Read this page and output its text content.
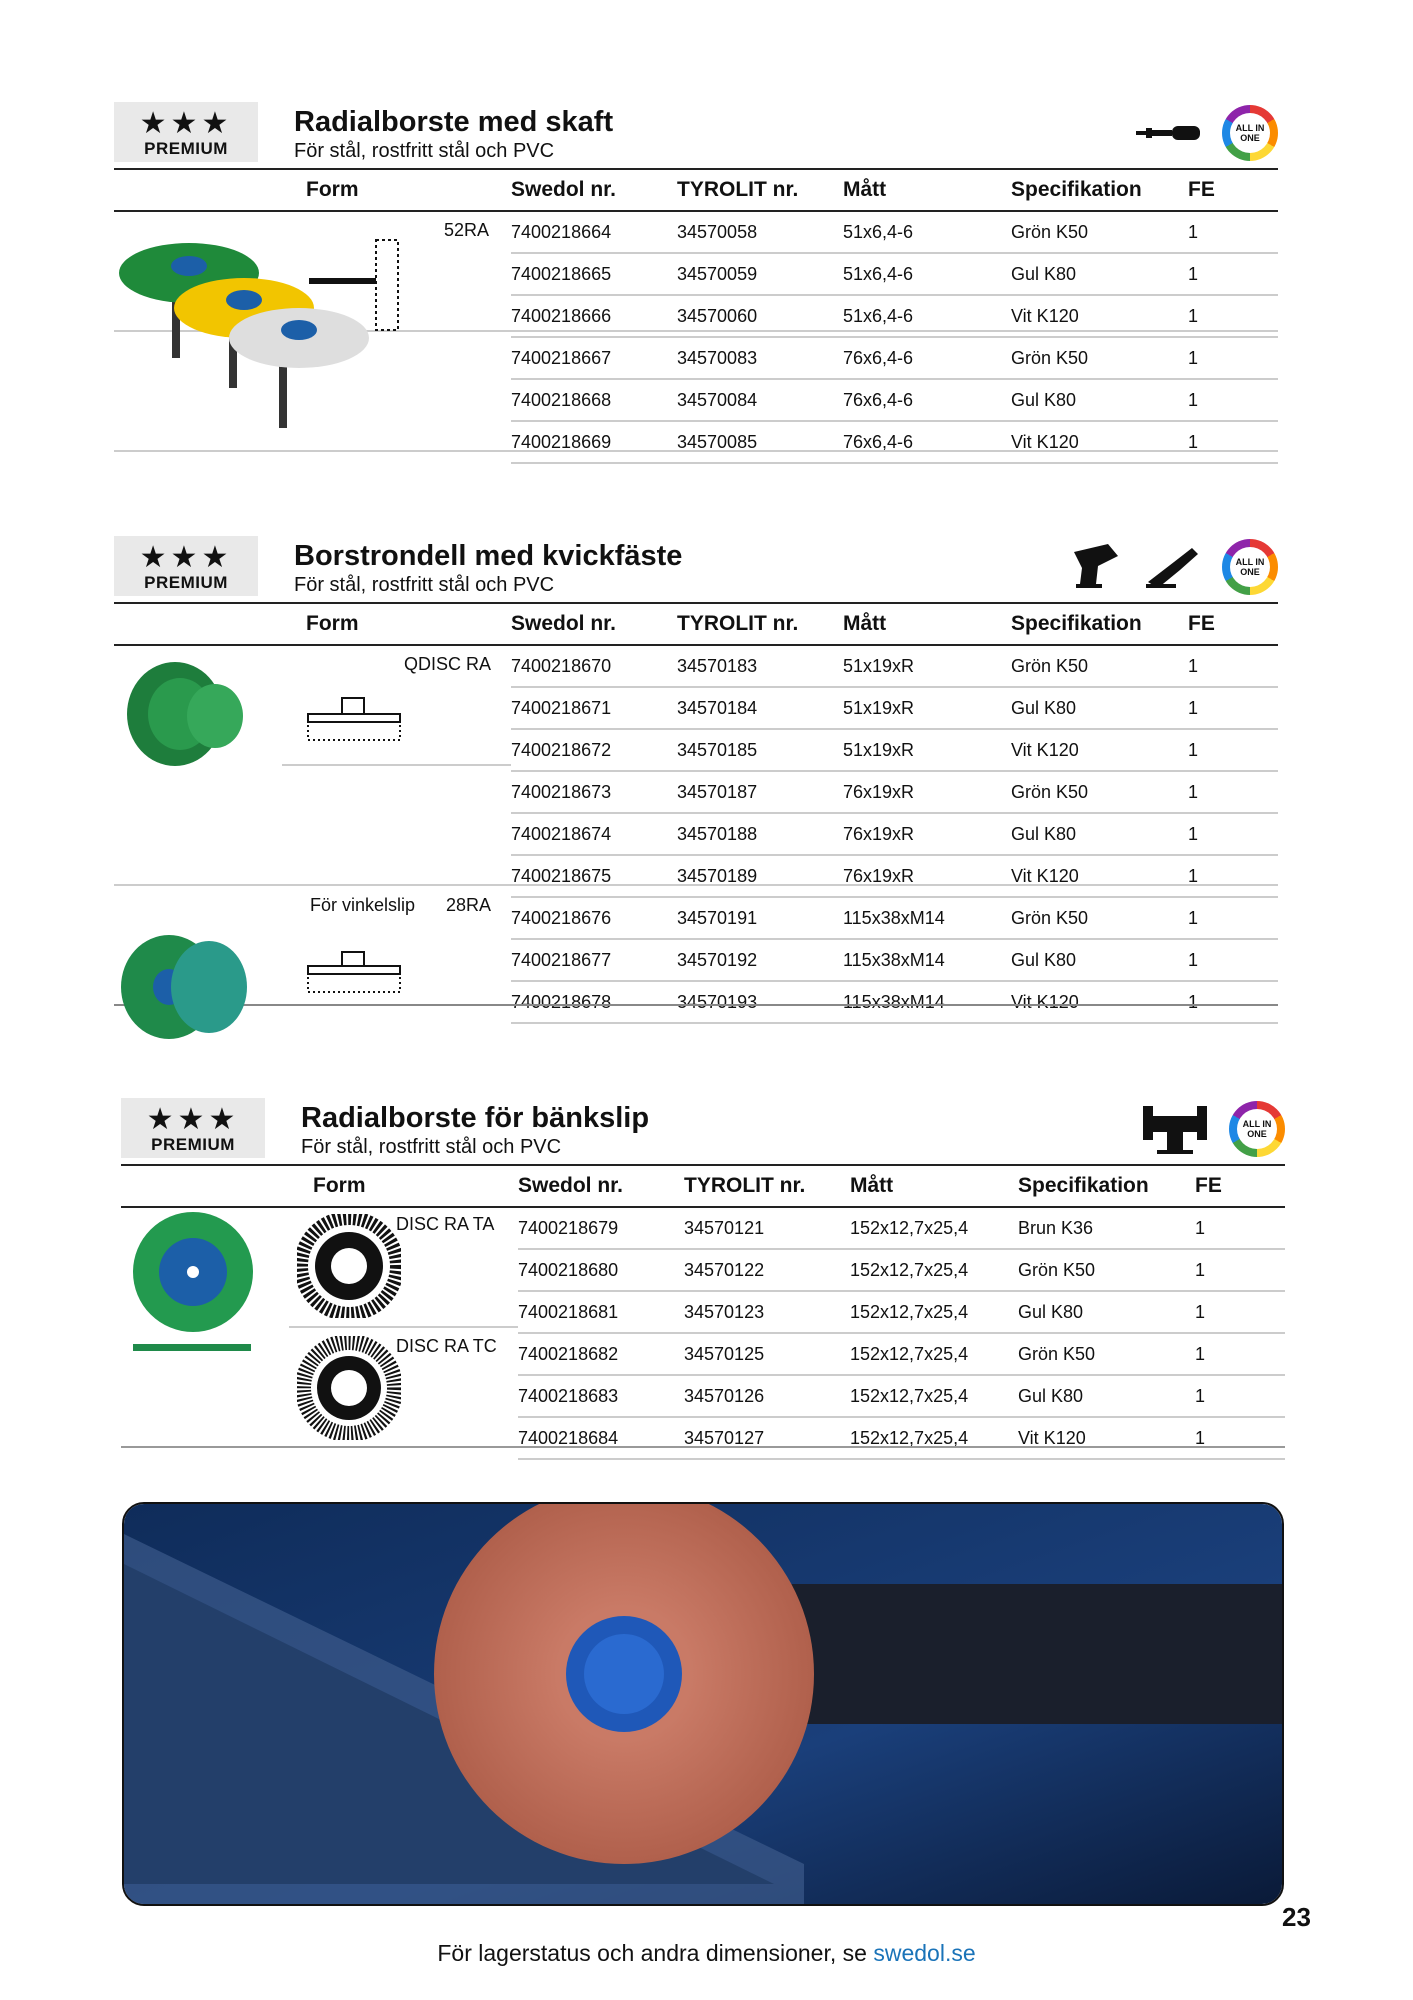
★★★
PREMIUM
Radialborste med skaft
För stål, rostfritt stål och PVC
ALL IN ONE
Form	Swedol nr.	TYROLIT nr. Mått	Specifikation FE
7400218664	34570058	51x6,4-6	Grön K50	1
7400218665	34570059	51x6,4-6	Gul K80	1
7400218666	34570060	51x6,4-6	Vit K120	1
7400218667	34570083	76x6,4-6	Grön K50	1
7400218668	34570084	76x6,4-6	Gul K80	1
7400218669	34570085	76x6,4-6	Vit K120	1
52RA
★★★
PREMIUM
Borstrondell med kvickfäste
För stål, rostfritt stål och PVC
ALL IN ONE
Form	Swedol nr.	TYROLIT nr. Mått	Specifikation FE
7400218670	34570183	51x19xR	Grön K50	1
7400218671	34570184	51x19xR	Gul K80	1
7400218672	34570185	51x19xR	Vit K120	1
7400218673	34570187	76x19xR	Grön K50	1
7400218674	34570188	76x19xR	Gul K80	1
7400218675	34570189	76x19xR	Vit K120	1
7400218676	34570191	115x38xM14	Grön K50	1
7400218677	34570192	115x38xM14	Gul K80	1
7400218678	34570193	115x38xM14	Vit K120	1
QDISC RA
För vinkelslip 28RA
★★★
PREMIUM
Radialborste för bänkslip
För stål, rostfritt stål och PVC
ALL IN ONE
Form	Swedol nr.	TYROLIT nr. Mått	Specifikation FE
7400218679	34570121	152x12,7x25,4	Brun K36	1
7400218680	34570122	152x12,7x25,4	Grön K50	1
7400218681	34570123	152x12,7x25,4	Gul K80	1
7400218682	34570125	152x12,7x25,4	Grön K50	1
7400218683	34570126	152x12,7x25,4	Gul K80	1
7400218684	34570127	152x12,7x25,4	Vit K120	1
DISC RA TA
DISC RA TC
23
För lagerstatus och andra dimensioner, se swedol.se
